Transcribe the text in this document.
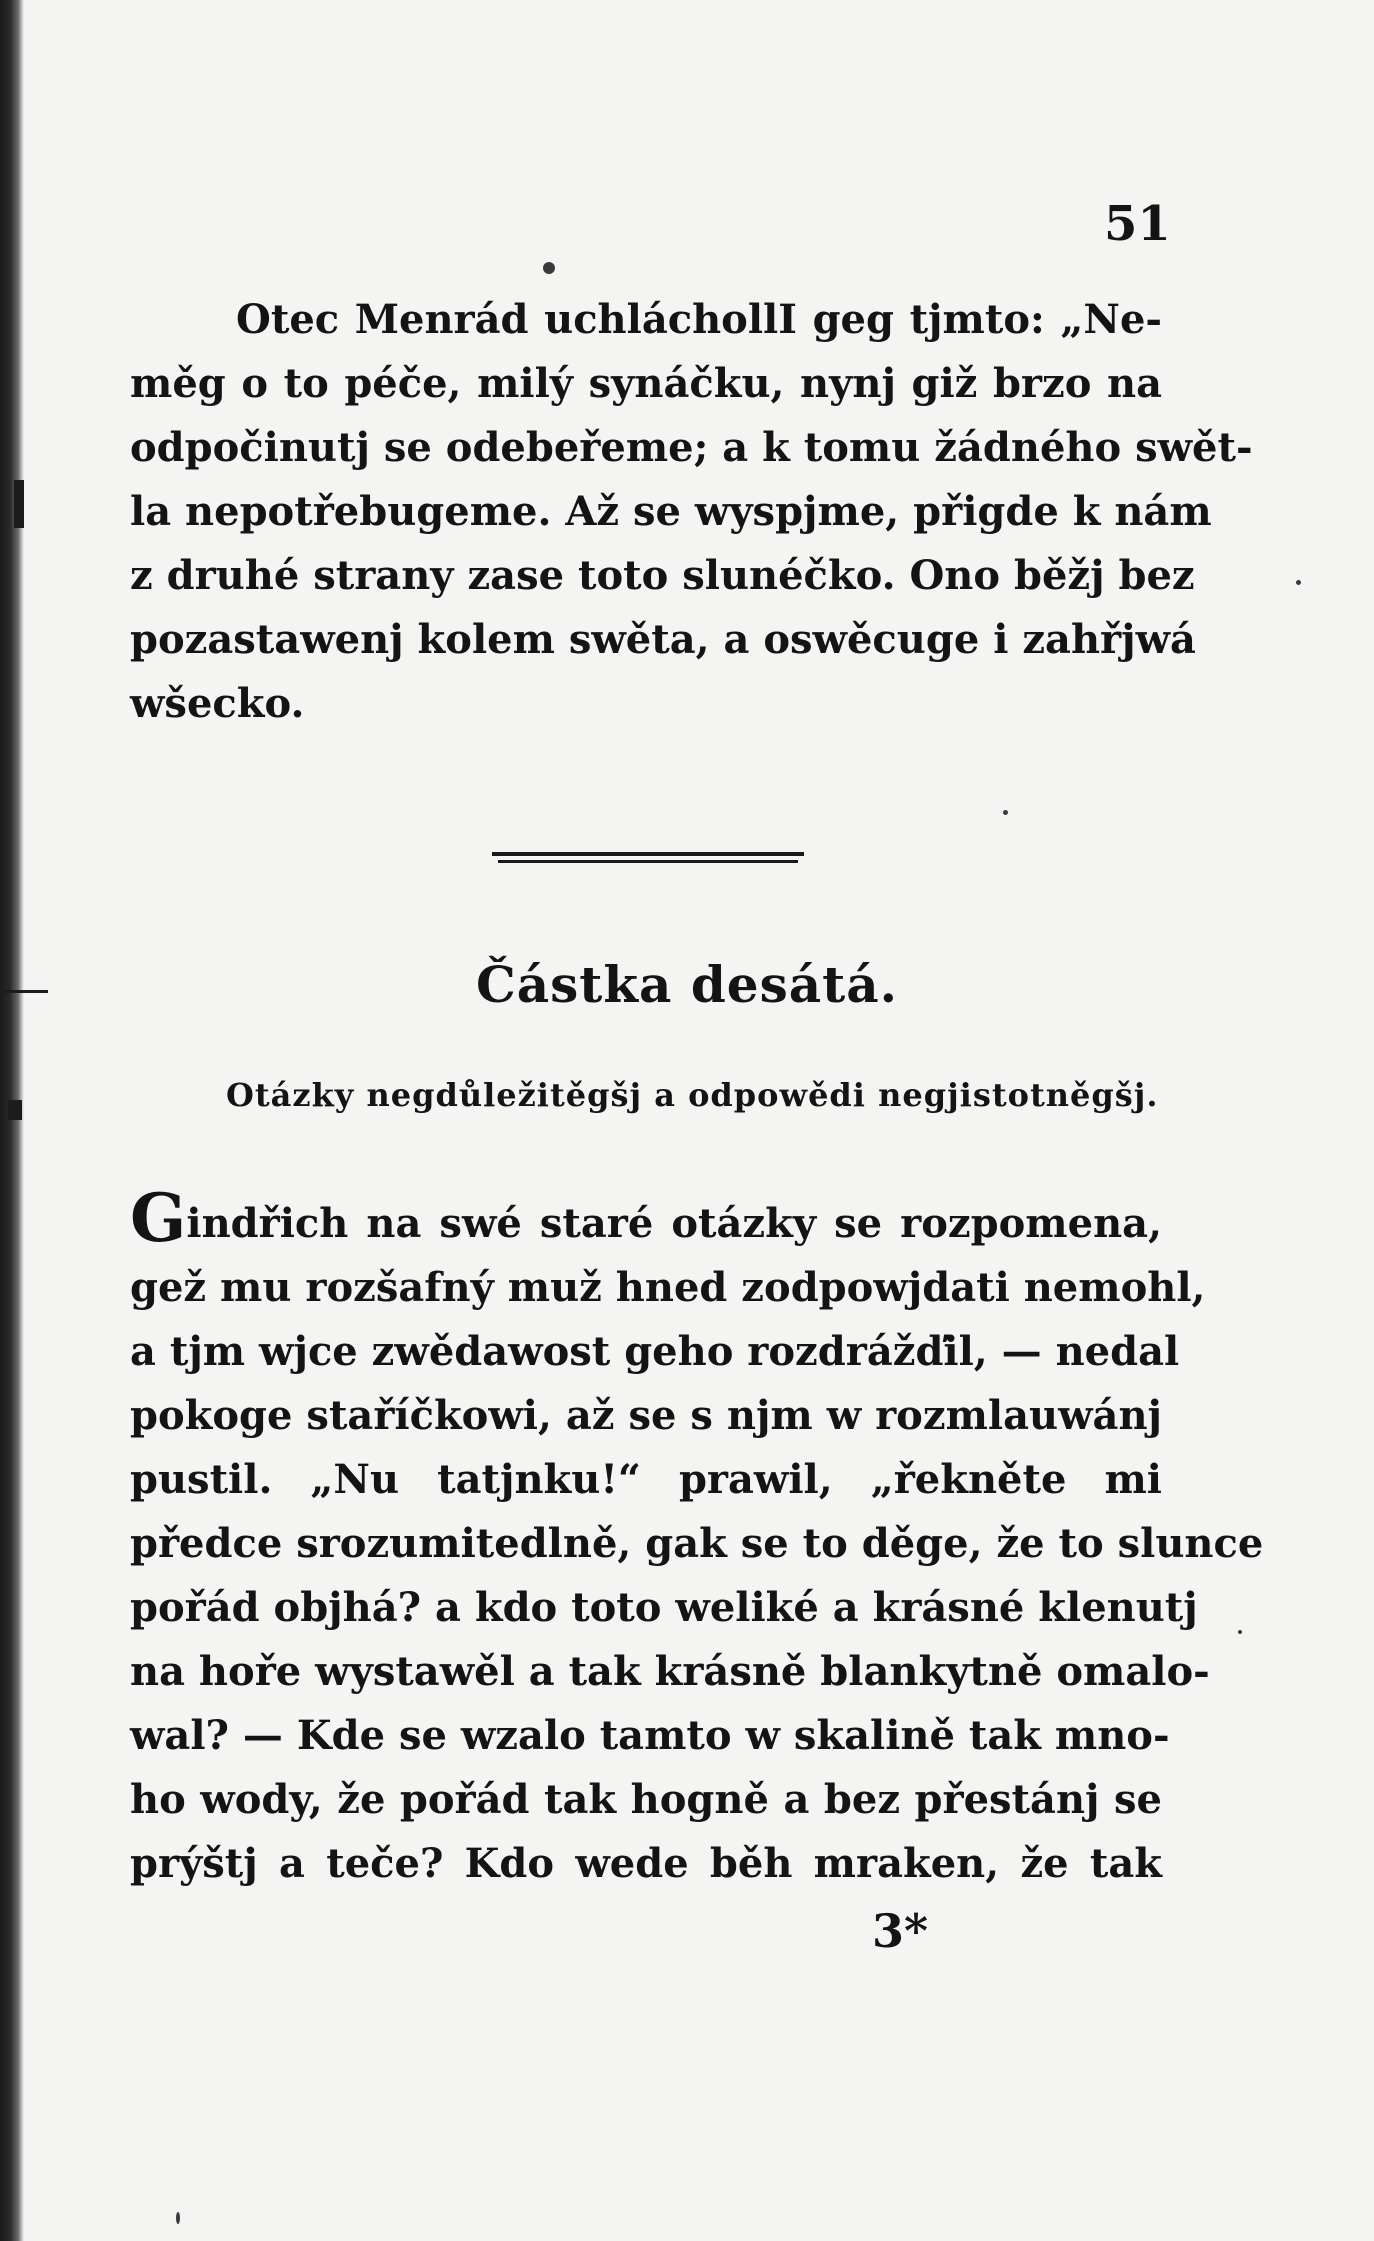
51

Otec Menrád uchláchollI geg tjmto: „Ne-
měg o to péče, milý synáčku, nynj giž brzo na
odpočinutj se odebeřeme; a k tomu žádného swět-
la nepotřebugeme. Až se wyspjme, přigde k nám
z druhé strany zase toto slunéčko. Ono běžj bez
pozastawenj kolem swěta, a oswěcuge i zahřjwá
wšecko.

Částka desátá.
Otázky negdůležitěgšj a odpowědi negjistotněgšj.

Gindřich na swé staré otázky se rozpomena,
gež mu rozšafný muž hned zodpowjdati nemohl,
a tjm wjce zwědawost geho rozdrážďil, — nedal
pokoge staříčkowi, až se s njm w rozmlauwánj
pustil. „Nu tatjnku!“ prawil, „řekněte mi
předce srozumitedlně, gak se to děge, že to slunce
pořád objhá? a kdo toto weliké a krásné klenutj
na hoře wystawěl a tak krásně blankytně omalo-
wal? — Kde se wzalo tamto w skalině tak mno-
ho wody, že pořád tak hogně a bez přestánj se
prýštj a teče? Kdo wede běh mraken, že tak

3*
